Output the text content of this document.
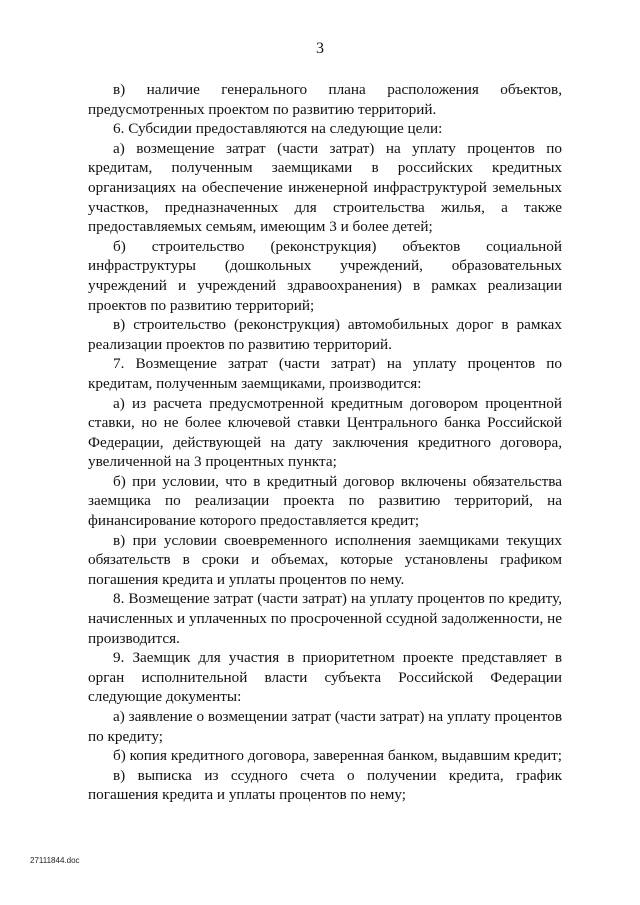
3

в) наличие генерального плана расположения объектов, предусмотренных проектом по развитию территорий.

6. Субсидии предоставляются на следующие цели:

а) возмещение затрат (части затрат) на уплату процентов по кредитам, полученным заемщиками в российских кредитных организациях на обеспечение инженерной инфраструктурой земельных участков, предназначенных для строительства жилья, а также предоставляемых семьям, имеющим 3 и более детей;

б) строительство (реконструкция) объектов социальной инфраструктуры (дошкольных учреждений, образовательных учреждений и учреждений здравоохранения) в рамках реализации проектов по развитию территорий;

в) строительство (реконструкция) автомобильных дорог в рамках реализации проектов по развитию территорий.

7. Возмещение затрат (части затрат) на уплату процентов по кредитам, полученным заемщиками, производится:

а) из расчета предусмотренной кредитным договором процентной ставки, но не более ключевой ставки Центрального банка Российской Федерации, действующей на дату заключения кредитного договора, увеличенной на 3 процентных пункта;

б) при условии, что в кредитный договор включены обязательства заемщика по реализации проекта по развитию территорий, на финансирование которого предоставляется кредит;

в) при условии своевременного исполнения заемщиками текущих обязательств в сроки и объемах, которые установлены графиком погашения кредита и уплаты процентов по нему.

8. Возмещение затрат (части затрат) на уплату процентов по кредиту, начисленных и уплаченных по просроченной ссудной задолженности, не производится.

9. Заемщик для участия в приоритетном проекте представляет в орган исполнительной власти субъекта Российской Федерации следующие документы:

а) заявление о возмещении затрат (части затрат) на уплату процентов по кредиту;

б) копия кредитного договора, заверенная банком, выдавшим кредит;

в) выписка из ссудного счета о получении кредита, график погашения кредита и уплаты процентов по нему;

27111844.doc
